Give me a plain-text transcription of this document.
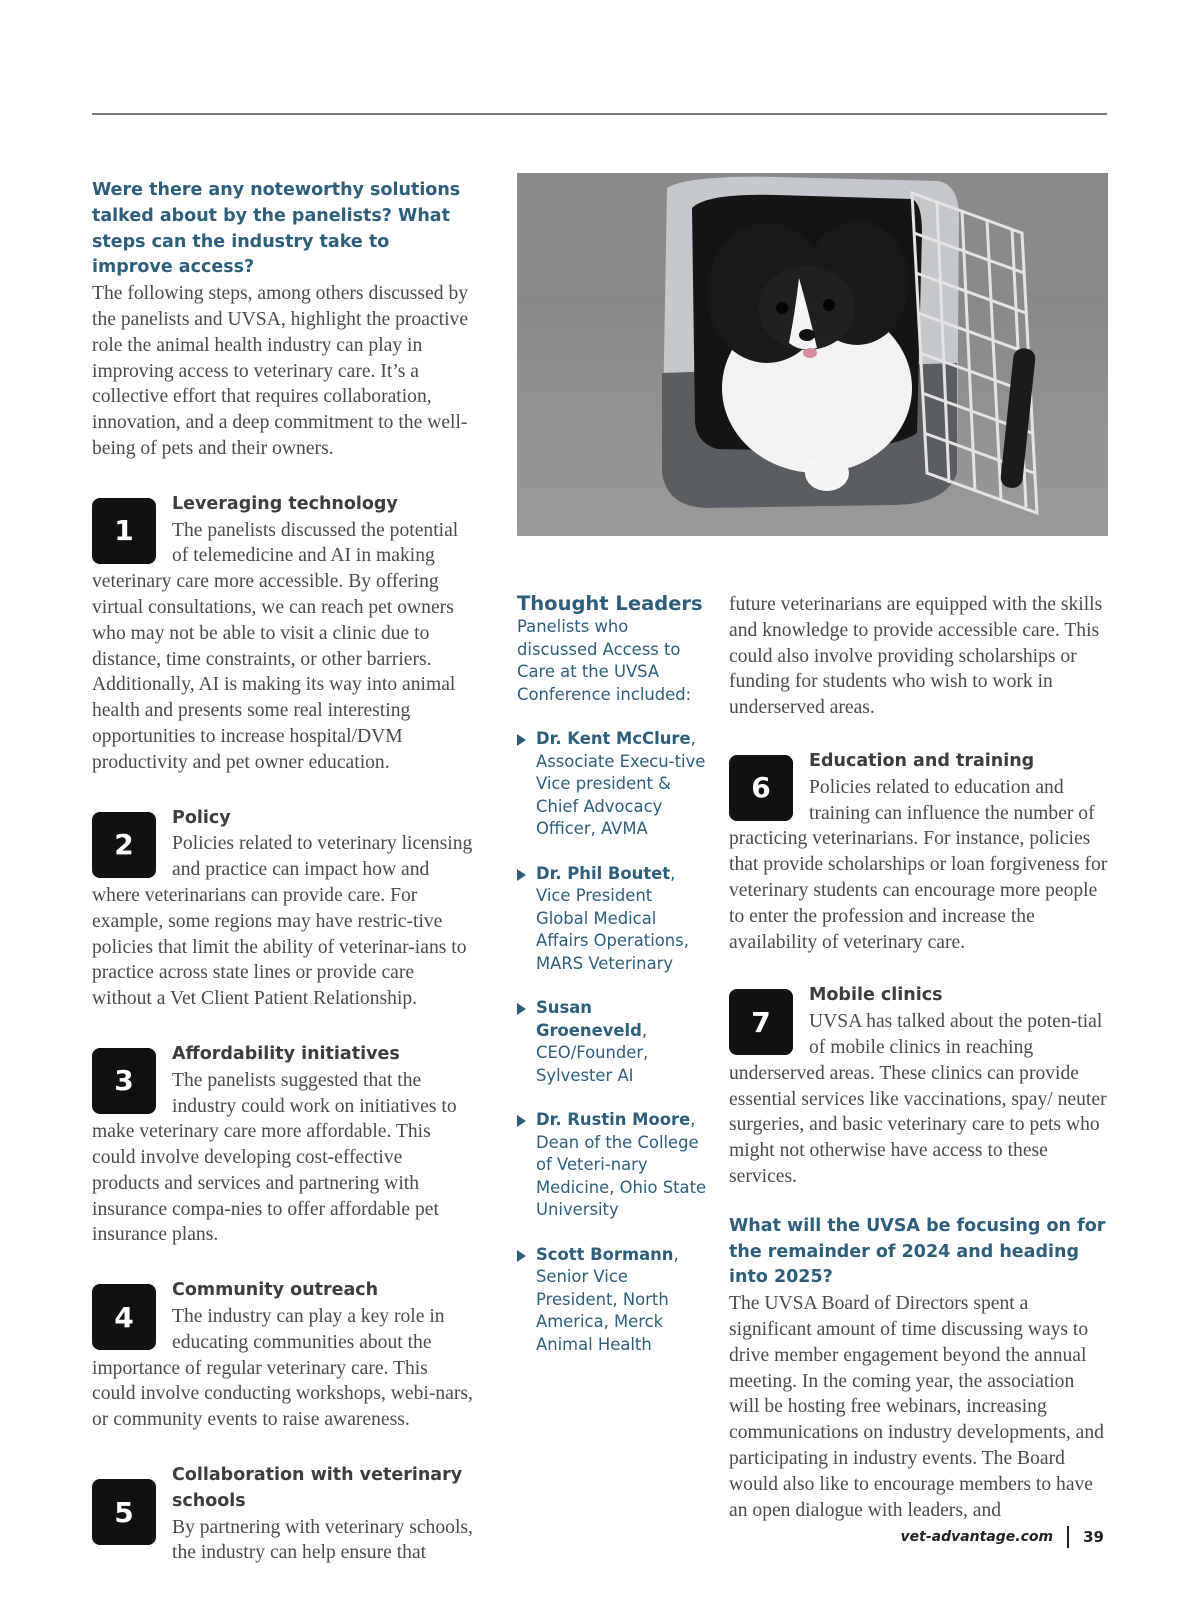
Were there any noteworthy solutions talked about by the panelists? What steps can the industry take to improve access?

The following steps, among others discussed by the panelists and UVSA, highlight the proactive role the animal health industry can play in improving access to veterinary care. It’s a collective effort that requires collaboration, innovation, and a deep commitment to the well-being of pets and their owners.

1

Leveraging technology

The panelists discussed the potential of telemedicine and AI in making veterinary care more accessible. By offering virtual consultations, we can reach pet owners who may not be able to visit a clinic due to distance, time constraints, or other barriers. Additionally, AI is making its way into animal health and presents some real interesting opportunities to increase hospital/DVM productivity and pet owner education.

2

Policy

Policies related to veterinary licensing and practice can impact how and where veterinarians can provide care. For example, some regions may have restric-tive policies that limit the ability of veterinar-ians to practice across state lines or provide care without a Vet Client Patient Relationship.

3

Affordability initiatives

The panelists suggested that the industry could work on initiatives to make veterinary care more affordable. This could involve developing cost-effective products and services and partnering with insurance compa-nies to offer affordable pet insurance plans.

4

Community outreach

The industry can play a key role in educating communities about the importance of regular veterinary care. This could involve conducting workshops, webi-nars, or community events to raise awareness.

5

Collaboration with veterinary schools

By partnering with veterinary schools, the industry can help ensure that

Thought Leaders

Panelists who discussed Access to Care at the UVSA Conference included:

Dr. Kent McClure, Associate Execu-tive Vice president & Chief Advocacy Officer, AVMA
Dr. Phil Boutet, Vice President Global Medical Affairs Operations, MARS Veterinary
Susan Groeneveld, CEO/Founder, Sylvester AI
Dr. Rustin Moore, Dean of the College of Veteri-nary Medicine, Ohio State University
Scott Bormann, Senior Vice President, North America, Merck Animal Health

future veterinarians are equipped with the skills and knowledge to provide accessible care. This could also involve providing scholarships or funding for students who wish to work in underserved areas.

6

Education and training

Policies related to education and training can influence the number of practicing veterinarians. For instance, policies that provide scholarships or loan forgiveness for veterinary students can encourage more people to enter the profession and increase the availability of veterinary care.

7

Mobile clinics

UVSA has talked about the poten-tial of mobile clinics in reaching underserved areas. These clinics can provide essential services like vaccinations, spay/ neuter surgeries, and basic veterinary care to pets who might not otherwise have access to these services.

What will the UVSA be focusing on for the remainder of 2024 and heading into 2025?

The UVSA Board of Directors spent a significant amount of time discussing ways to drive member engagement beyond the annual meeting. In the coming year, the association will be hosting free webinars, increasing communications on industry developments, and participating in industry events. The Board would also like to encourage members to have an open dialogue with leaders, and

vet-advantage.com 39
